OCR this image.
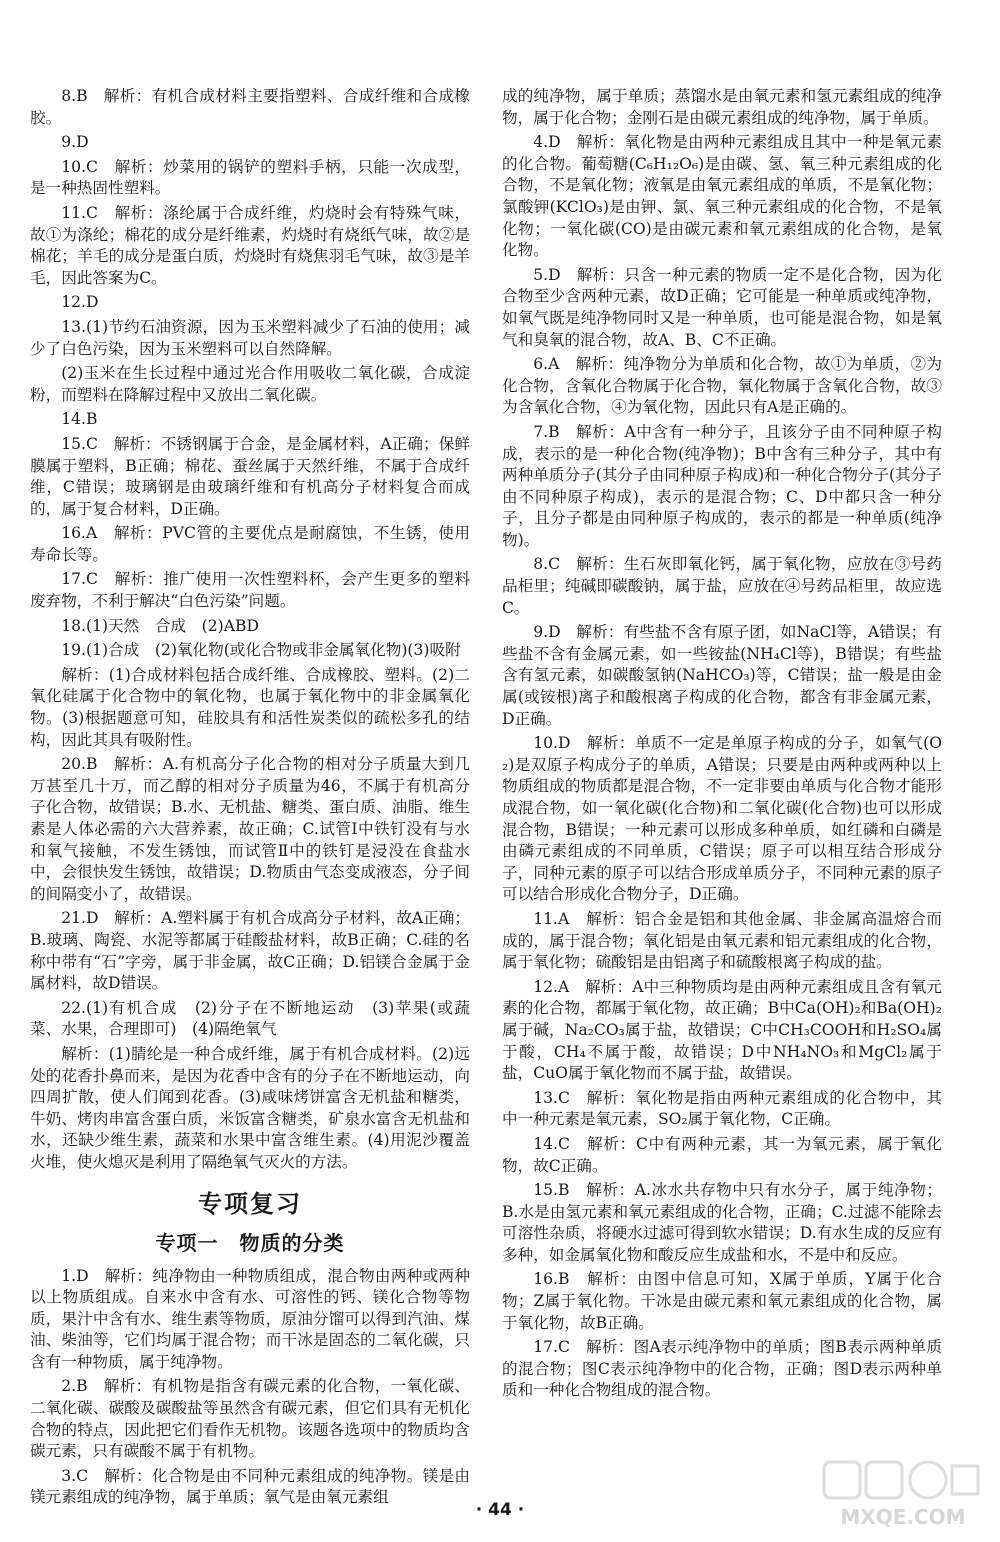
8.B　解析：有机合成材料主要指塑料、合成纤维和合成橡胶。

9.D

10.C　解析：炒菜用的锅铲的塑料手柄，只能一次成型，是一种热固性塑料。

11.C　解析：涤纶属于合成纤维，灼烧时会有特殊气味，故①为涤纶；棉花的成分是纤维素，灼烧时有烧纸气味，故②是棉花；羊毛的成分是蛋白质，灼烧时有烧焦羽毛气味，故③是羊毛，因此答案为C。

12.D

13.(1)节约石油资源，因为玉米塑料减少了石油的使用；减少了白色污染，因为玉米塑料可以自然降解。

(2)玉米在生长过程中通过光合作用吸收二氧化碳，合成淀粉，而塑料在降解过程中又放出二氧化碳。

14.B

15.C　解析：不锈钢属于合金，是金属材料，A正确；保鲜膜属于塑料，B正确；棉花、蚕丝属于天然纤维，不属于合成纤维，C错误；玻璃钢是由玻璃纤维和有机高分子材料复合而成的，属于复合材料，D正确。

16.A　解析：PVC管的主要优点是耐腐蚀，不生锈，使用寿命长等。

17.C　解析：推广使用一次性塑料杯，会产生更多的塑料废弃物，不利于解决“白色污染”问题。

18.(1)天然　合成　(2)ABD

19.(1)合成　(2)氧化物(或化合物或非金属氧化物)(3)吸附

解析：(1)合成材料包括合成纤维、合成橡胶、塑料。(2)二氧化硅属于化合物中的氧化物，也属于氧化物中的非金属氧化物。(3)根据题意可知，硅胶具有和活性炭类似的疏松多孔的结构，因此其具有吸附性。

20.B　解析：A.有机高分子化合物的相对分子质量大到几万甚至几十万，而乙醇的相对分子质量为46，不属于有机高分子化合物，故错误；B.水、无机盐、糖类、蛋白质、油脂、维生素是人体必需的六大营养素，故正确；C.试管Ⅰ中铁钉没有与水和氧气接触，不发生锈蚀，而试管Ⅱ中的铁钉是浸没在食盐水中，会很快发生锈蚀，故错误；D.物质由气态变成液态，分子间的间隔变小了，故错误。

21.D　解析：A.塑料属于有机合成高分子材料，故A正确；B.玻璃、陶瓷、水泥等都属于硅酸盐材料，故B正确；C.硅的名称中带有“石”字旁，属于非金属，故C正确；D.铝镁合金属于金属材料，故D错误。

22.(1)有机合成　(2)分子在不断地运动　(3)苹果(或蔬菜、水果，合理即可)　(4)隔绝氧气

解析：(1)腈纶是一种合成纤维，属于有机合成材料。(2)远处的花香扑鼻而来，是因为花香中含有的分子在不断地运动，向四周扩散，使人们闻到花香。(3)咸味烤饼富含无机盐和糖类，牛奶、烤肉串富含蛋白质，米饭富含糖类，矿泉水富含无机盐和水，还缺少维生素，蔬菜和水果中富含维生素。(4)用泥沙覆盖火堆，使火熄灭是利用了隔绝氧气灭火的方法。

专项复习
专项一　物质的分类

1.D　解析：纯净物由一种物质组成，混合物由两种或两种以上物质组成。自来水中含有水、可溶性的钙、镁化合物等物质，果汁中含有水、维生素等物质，原油分馏可以得到汽油、煤油、柴油等，它们均属于混合物；而干冰是固态的二氧化碳，只含有一种物质，属于纯净物。

2.B　解析：有机物是指含有碳元素的化合物，一氧化碳、二氧化碳、碳酸及碳酸盐等虽然含有碳元素，但它们具有无机化合物的特点，因此把它们看作无机物。该题各选项中的物质均含碳元素，只有碳酸不属于有机物。

3.C　解析：化合物是由不同种元素组成的纯净物。镁是由镁元素组成的纯净物，属于单质；氧气是由氧元素组

成的纯净物，属于单质；蒸馏水是由氧元素和氢元素组成的纯净物，属于化合物；金刚石是由碳元素组成的纯净物，属于单质。

4.D　解析：氧化物是由两种元素组成且其中一种是氧元素的化合物。葡萄糖(C₆H₁₂O₆)是由碳、氢、氧三种元素组成的化合物，不是氧化物；液氧是由氧元素组成的单质，不是氧化物；氯酸钾(KClO₃)是由钾、氯、氧三种元素组成的化合物，不是氧化物；一氧化碳(CO)是由碳元素和氧元素组成的化合物，是氧化物。

5.D　解析：只含一种元素的物质一定不是化合物，因为化合物至少含两种元素，故D正确；它可能是一种单质或纯净物，如氧气既是纯净物同时又是一种单质，也可能是混合物，如是氧气和臭氧的混合物，故A、B、C不正确。

6.A　解析：纯净物分为单质和化合物，故①为单质，②为化合物，含氧化合物属于化合物，氧化物属于含氧化合物，故③为含氧化合物，④为氧化物，因此只有A是正确的。

7.B　解析：A中含有一种分子，且该分子由不同种原子构成，表示的是一种化合物(纯净物)；B中含有三种分子，其中有两种单质分子(其分子由同种原子构成)和一种化合物分子(其分子由不同种原子构成)，表示的是混合物；C、D中都只含一种分子，且分子都是由同种原子构成的，表示的都是一种单质(纯净物)。

8.C　解析：生石灰即氧化钙，属于氧化物，应放在③号药品柜里；纯碱即碳酸钠，属于盐，应放在④号药品柜里，故应选C。

9.D　解析：有些盐不含有原子团，如NaCl等，A错误；有些盐不含有金属元素，如一些铵盐(NH₄Cl等)，B错误；有些盐含有氢元素，如碳酸氢钠(NaHCO₃)等，C错误；盐一般是由金属(或铵根)离子和酸根离子构成的化合物，都含有非金属元素，D正确。

10.D　解析：单质不一定是单原子构成的分子，如氧气(O₂)是双原子构成分子的单质，A错误；只要是由两种或两种以上物质组成的物质都是混合物，不一定非要由单质与化合物才能形成混合物，如一氧化碳(化合物)和二氧化碳(化合物)也可以形成混合物，B错误；一种元素可以形成多种单质，如红磷和白磷是由磷元素组成的不同单质，C错误；原子可以相互结合形成分子，同种元素的原子可以结合形成单质分子，不同种元素的原子可以结合形成化合物分子，D正确。

11.A　解析：铝合金是铝和其他金属、非金属高温熔合而成的，属于混合物；氧化铝是由氧元素和铝元素组成的化合物，属于氧化物；硫酸铝是由铝离子和硫酸根离子构成的盐。

12.A　解析：A中三种物质均是由两种元素组成且含有氧元素的化合物，都属于氧化物，故正确；B中Ca(OH)₂和Ba(OH)₂属于碱，Na₂CO₃属于盐，故错误；C中CH₃COOH和H₂SO₄属于酸，CH₄不属于酸，故错误；D中NH₄NO₃和MgCl₂属于盐，CuO属于氧化物而不属于盐，故错误。

13.C　解析：氧化物是指由两种元素组成的化合物中，其中一种元素是氧元素，SO₂属于氧化物，C正确。

14.C　解析：C中有两种元素，其一为氧元素，属于氧化物，故C正确。

15.B　解析：A.冰水共存物中只有水分子，属于纯净物；B.水是由氢元素和氧元素组成的化合物，正确；C.过滤不能除去可溶性杂质，将硬水过滤可得到软水错误；D.有水生成的反应有多种，如金属氧化物和酸反应生成盐和水，不是中和反应。

16.B　解析：由图中信息可知，X属于单质，Y属于化合物；Z属于氧化物。干冰是由碳元素和氧元素组成的化合物，属于氧化物，故B正确。

17.C　解析：图A表示纯净物中的单质；图B表示两种单质的混合物；图C表示纯净物中的化合物，正确；图D表示两种单质和一种化合物组成的混合物。

· 44 ·	MXQE.COM
